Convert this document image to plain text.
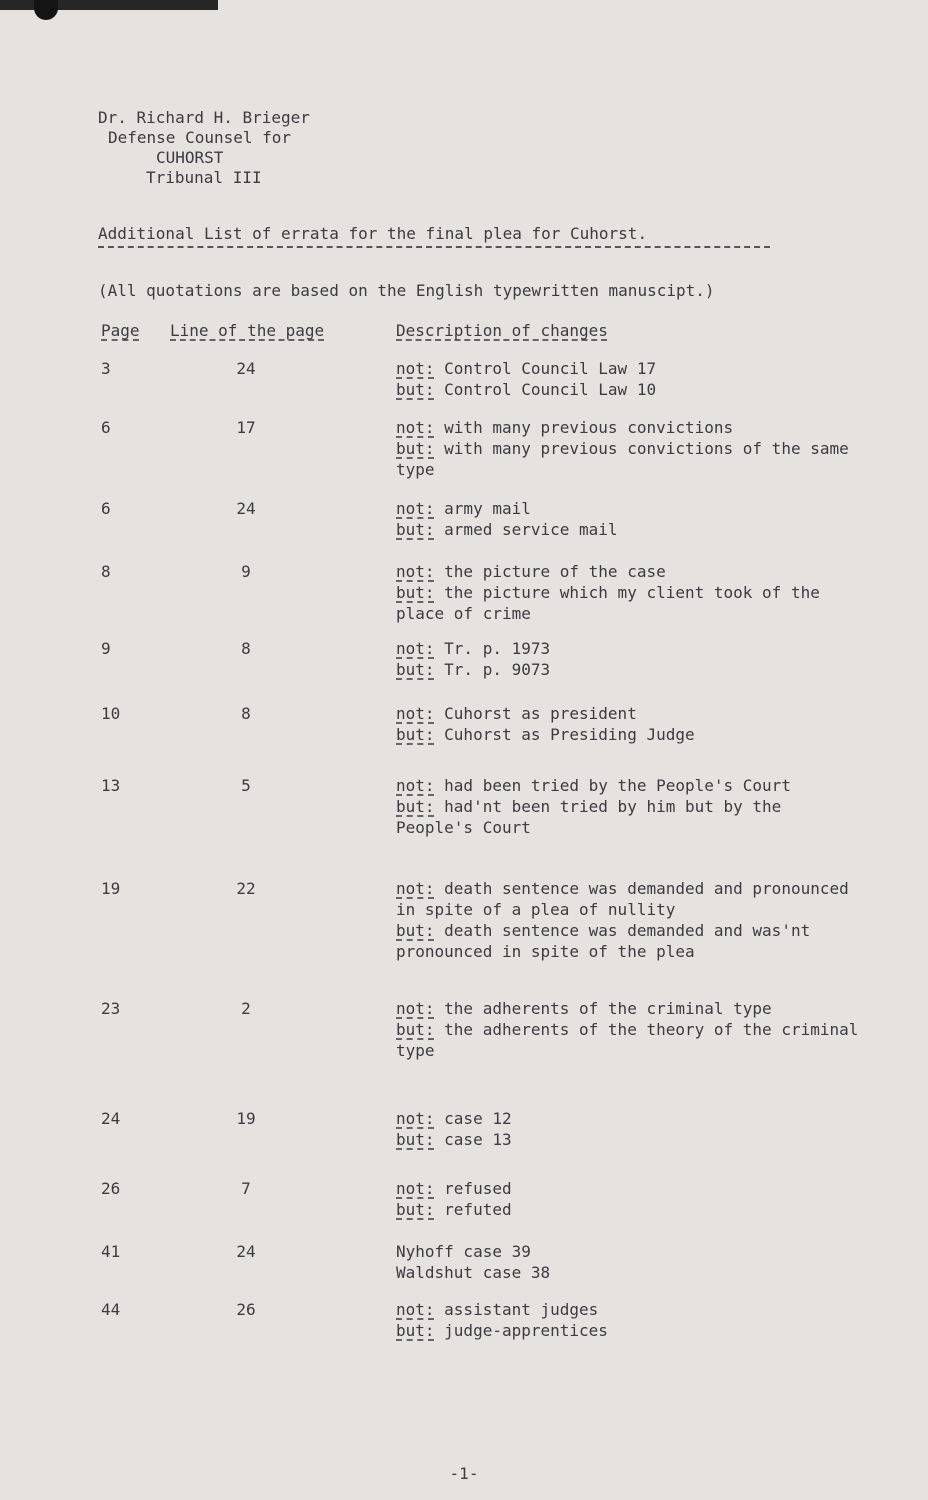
Dr. Richard H. Brieger
Defense Counsel for
CUHORST
Tribunal III
Additional List of errata for the final plea for Cuhorst.
(All quotations are based on the English typewritten manuscipt.)
Page Line of the page	Description of changes
3	24	not: Control Council Law 17
but: Control Council Law 10
6	17	not: with many previous convictions
but: with many previous convictions of the same type
6	24	not: army mail
but: armed service mail
8	9	not: the picture of the case
but: the picture which my client took of the place of crime
9	8	not: Tr. p. 1973
but: Tr. p. 9073
10	8	not: Cuhorst as president
but: Cuhorst as Presiding Judge
13	5	not: had been tried by the People's Court
but: had'nt been tried by him but by the People's Court
19	22	not: death sentence was demanded and pronounced in spite of a plea of nullity
but: death sentence was demanded and was'nt pronounced in spite of the plea
23	2	not: the adherents of the criminal type
but: the adherents of the theory of the criminal type
24	19	not: case 12
but: case 13
26	7	not: refused
but: refuted
41	24	Nyhoff case 39
Waldshut case 38
44	26	not: assistant judges
but: judge-apprentices
-1-
